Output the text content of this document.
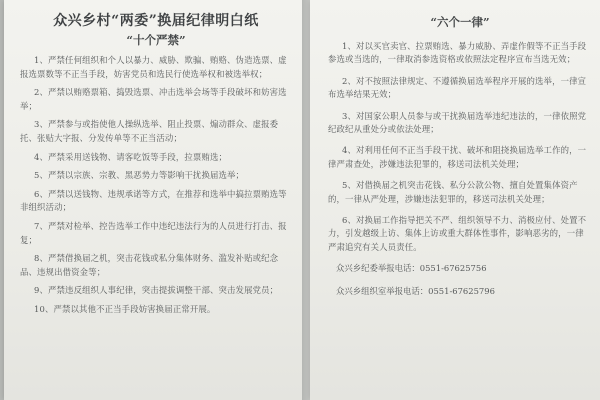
众兴乡村“两委”换届纪律明白纸
“十个严禁”
1、严禁任何组织和个人以暴力、威胁、欺骗、贿赂、伪造选票、虚报选票数等不正当手段，妨害党员和选民行使选举权和被选举权；
2、严禁以贿赂票箱、捣毁选票、冲击选举会场等手段破坏和妨害选举；
3、严禁参与或指使他人操纵选举、阻止投票、煽动群众、虚报委托、张贴大字报、分发传单等不正当活动；
4、严禁采用送钱物、请客吃饭等手段，拉票贿选；
5、严禁以宗族、宗教、黑恶势力等影响干扰换届选举；
6、严禁以送钱物、违规承诺等方式，在推荐和选举中搞拉票贿选等非组织活动；
7、严禁对检举、控告选举工作中违纪违法行为的人员进行打击、报复；
8、严禁借换届之机，突击花钱或私分集体财务、滥发补贴或纪念品、违规出借资金等；
9、严禁违反组织人事纪律，突击提拔调整干部、突击发展党员；
10、严禁以其他不正当手段妨害换届正常开展。
“六个一律”
1、对以买官卖官、拉票贿选、暴力威胁、弄虚作假等不正当手段参选或当选的，一律取消参选资格或依照法定程序宣布当选无效；
2、对不按照法律规定、不遵循换届选举程序开展的选举，一律宣布选举结果无效；
3、对国家公职人员参与或干扰换届选举违纪违法的，一律依照党纪政纪从重处分或依法处理；
4、对利用任何不正当手段干扰、破坏和阻挠换届选举工作的，一律严肃查处，涉嫌违法犯罪的，移送司法机关处理；
5、对借换届之机突击花钱、私分公款公物、擅自处置集体资产的，一律从严处理，涉嫌违法犯罪的，移送司法机关处理；
6、对换届工作指导把关不严、组织领导不力、消极应付、处置不力，引发越级上访、集体上访或重大群体性事件，影响恶劣的，一律严肃追究有关人员责任。
众兴乡纪委举报电话：0551-67625756
众兴乡组织室举报电话：0551-67625796
